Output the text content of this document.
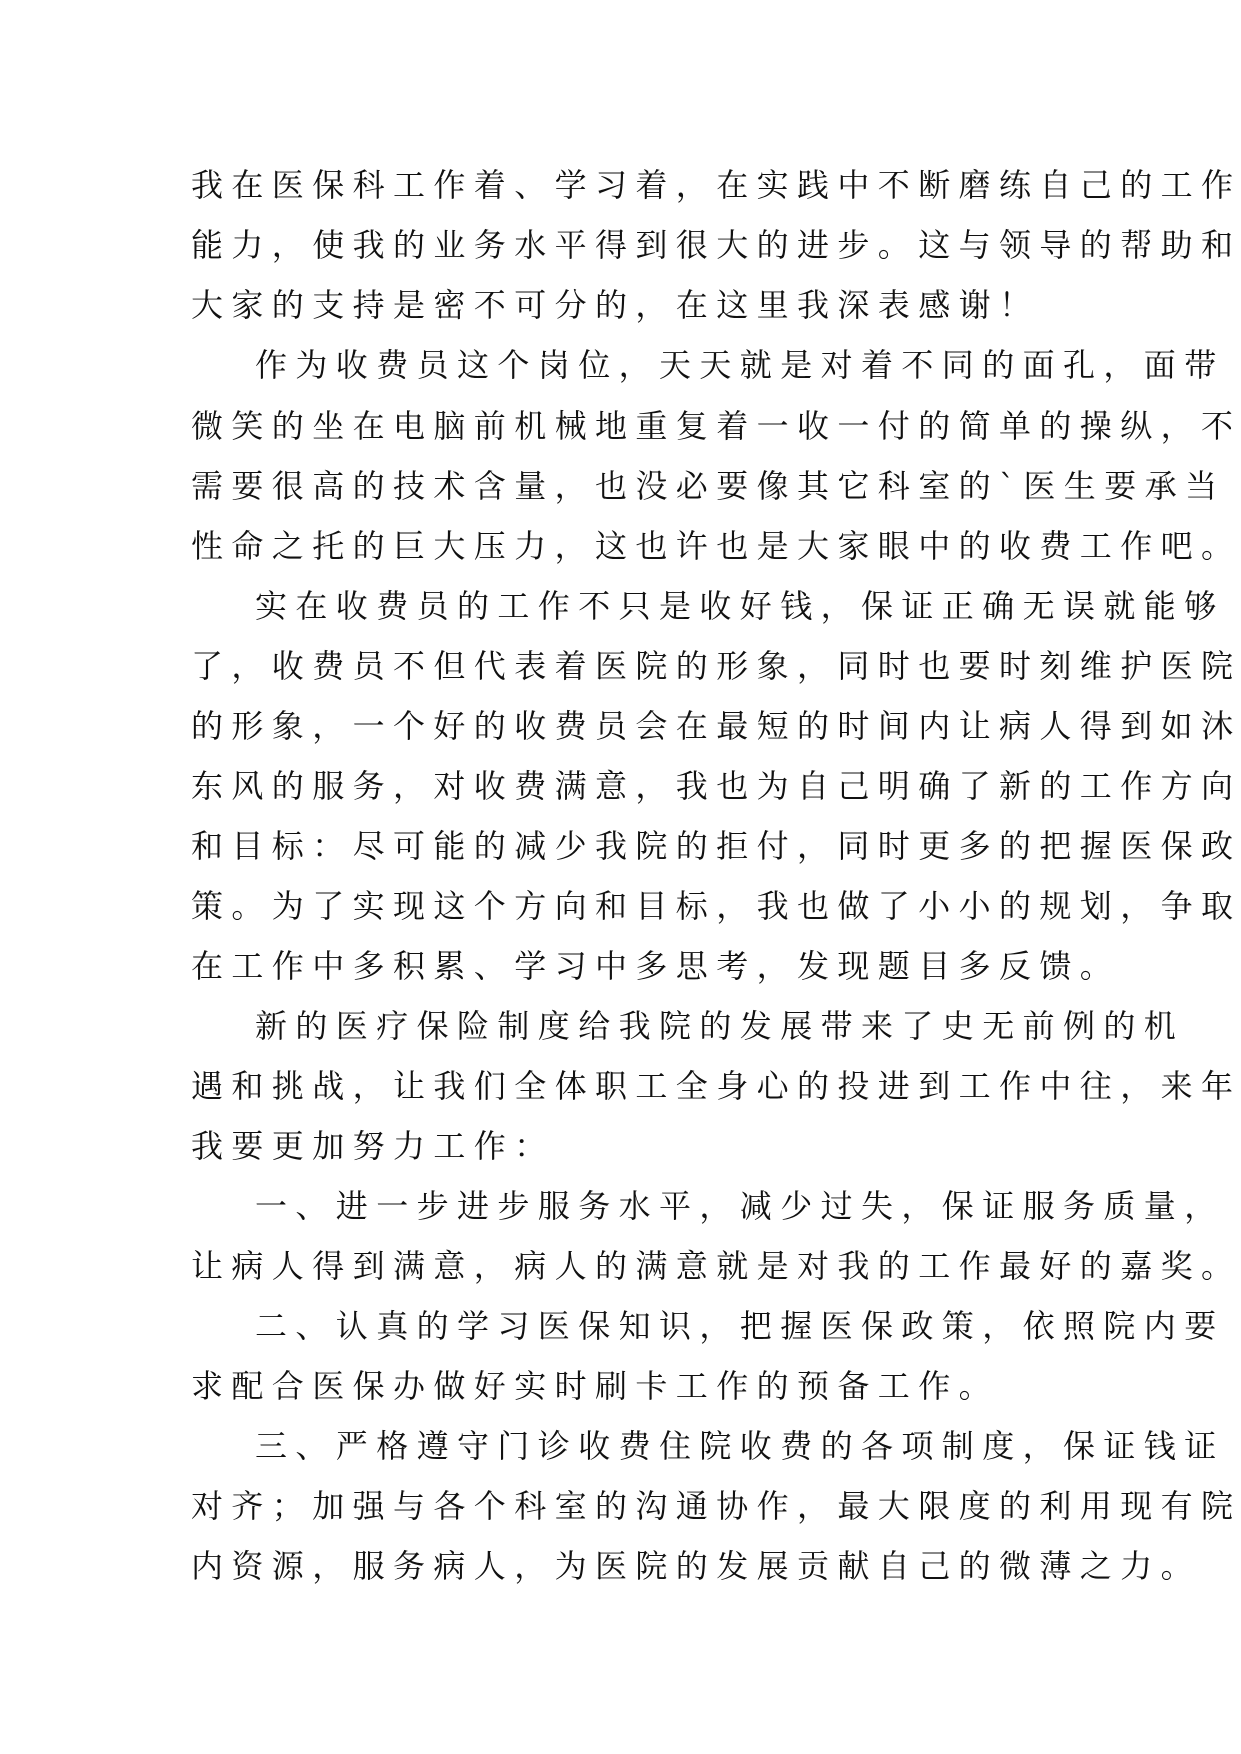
我在医保科工作着、学习着，在实践中不断磨练自己的工作
能力，使我的业务水平得到很大的进步。这与领导的帮助和
大家的支持是密不可分的，在这里我深表感谢！
作为收费员这个岗位，天天就是对着不同的面孔，面带
微笑的坐在电脑前机械地重复着一收一付的简单的操纵，不
需要很高的技术含量，也没必要像其它科室的`医生要承当
性命之托的巨大压力，这也许也是大家眼中的收费工作吧。
实在收费员的工作不只是收好钱，保证正确无误就能够
了，收费员不但代表着医院的形象，同时也要时刻维护医院
的形象，一个好的收费员会在最短的时间内让病人得到如沐
东风的服务，对收费满意，我也为自己明确了新的工作方向
和目标：尽可能的减少我院的拒付，同时更多的把握医保政
策。为了实现这个方向和目标，我也做了小小的规划，争取
在工作中多积累、学习中多思考，发现题目多反馈。
新的医疗保险制度给我院的发展带来了史无前例的机
遇和挑战，让我们全体职工全身心的投进到工作中往，来年
我要更加努力工作：
一、进一步进步服务水平，减少过失，保证服务质量，
让病人得到满意，病人的满意就是对我的工作最好的嘉奖。
二、认真的学习医保知识，把握医保政策，依照院内要
求配合医保办做好实时刷卡工作的预备工作。
三、严格遵守门诊收费住院收费的各项制度，保证钱证
对齐；加强与各个科室的沟通协作，最大限度的利用现有院
内资源，服务病人，为医院的发展贡献自己的微薄之力。
